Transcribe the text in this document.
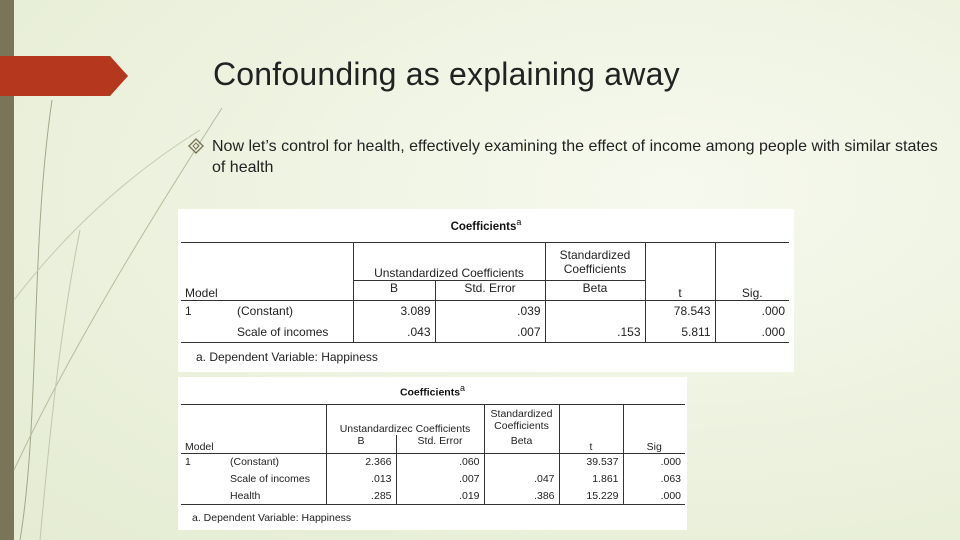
Confounding as explaining away
Now let’s control for health, effectively examining the effect of income among people with similar states of health
Coefficients$^a$
Model		Unstandardized Coefficients		Standardized
Coefficients	t	Sig.
		B	Std. Error	Beta		
1	(Constant)	3.089	.039		78.543	.000
	Scale of incomes	.043	.007	.153	5.811	.000
a. Dependent Variable: Happiness
Coefficients$^a$
Model		Unstandardizec Coefficients		Standardized
Coefficients	t	Sig
		B	Std. Error	Beta		
1	(Constant)	2.366	.060		39.537	.000
	Scale of incomes	.013	.007	.047	1.861	.063
	Health	.285	.019	.386	15.229	.000
a. Dependent Variable: Happiness
